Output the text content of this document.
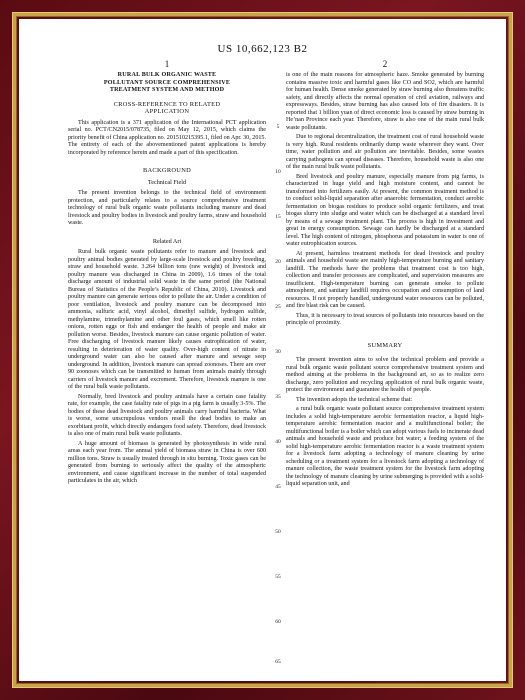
US 10,662,123 B2
5
10
15
20
25
30
35
40
45
50
55
60
65
1
RURAL BULK ORGANIC WASTE
POLLUTANT SOURCE COMPREHENSIVE
TREATMENT SYSTEM AND METHOD
CROSS-REFERENCE TO RELATED
APPLICATION

This application is a 371 application of the International PCT application serial no. PCT/CN2015/078735, filed on May 12, 2015, which claims the priority benefit of China application no. 201510215395.1, filed on Apr. 30, 2015. The entirety of each of the abovementioned patent applications is hereby incorporated by reference herein and made a part of this specification.

BACKGROUND
Technical Field

The present invention belongs to the technical field of environment protection, and particularly relates to a source comprehensive treatment technology of rural bulk organic waste pollutants including manure and dead livestock and poultry bodies in livestock and poultry farms, straw and household waste.

Related Art

Rural bulk organic waste pollutants refer to manure and livestock and poultry animal bodies generated by large-scale livestock and poultry breeding, straw and household waste. 3.264 billion tons (raw weight) of livestock and poultry manure was discharged in China in 2009), 1.6 times of the total discharge amount of industrial solid waste in the same period (the National Bureau of Statistics of the People’s Republic of China, 2010). Livestock and poultry manure can generate serious odor to pollute the air. Under a condition of poor ventilation, livestock and poultry manure can be decomposed into ammonia, sulfuric acid, vinyl alcohol, dimethyl sulfide, hydrogen sulfide, methylamine, trimethylamine and other foul gases, which smell like rotten onions, rotten eggs or fish and endanger the health of people and make air pollution worse. Besides, livestock manure can cause organic pollution of water. Free discharging of livestock manure likely causes eutrophication of water, resulting in deterioration of water quality. Over-high content of nitrate in underground water can also be caused after manure and sewage seep underground. In addition, livestock manure can spread zoonoses. There are over 90 zoonoses which can be transmitted to human from animals mainly through carriers of livestock manure and excrement. Therefore, livestock manure is one of the rural bulk waste pollutants.

Normally, bred livestock and poultry animals have a certain case fatality rate, for example, the case fatality rate of pigs in a pig farm is usually 3-5%. The bodies of these dead livestock and poultry animals carry harmful bacteria. What is worse, some unscrupulous vendors resell the dead bodies to make an exorbitant profit, which directly endangers food safety. Therefore, dead livestock is also one of main rural bulk waste pollutants.

A huge amount of biomass is generated by photosynthesis in wide rural areas each year from. The annual yield of biomass straw in China is over 600 million tons. Straw is usually treated through in situ burning. Toxic gases can be generated from burning to seriously affect the quality of the atmospheric environment, and cause significant increase in the number of total suspended particulates in the air, which

2

is one of the main reasons for atmospheric haze. Smoke generated by burning contains massive toxic and harmful gases like CO and SO2, which are harmful for human health. Dense smoke generated by straw burning also threatens traffic safety, and directly affects the normal operation of civil aviation, railways and expressways. Besides, straw burning has also caused lots of fire disasters. It is reported that 1 billion yuan of direct economic loss is caused by straw burning in He’nan Province each year. Therefore, straw is also one of the main rural bulk waste pollutants.

Due to regional decentralization, the treatment cost of rural household waste is very high. Rural residents ordinarily dump waste wherever they want. Over time, water pollution and air pollution are inevitable. Besides, some wastes carrying pathogens can spread diseases. Therefore, household waste is also one of the main rural bulk waste pollutants.

Bred livestock and poultry manure, especially manure from pig farms, is characterized in huge yield and high moisture content, and cannot be transformed into fertilizers easily. At present, the common treatment method is to conduct solid-liquid separation after anaerobic fermentation, conduct aerobic fermentation on biogas residues to produce solid organic fertilizers, and treat biogas slurry into sludge and water which can be discharged at a standard level by means of a sewage treatment plant. The process is high in investment and great in energy consumption. Sewage can hardly be discharged at a standard level. The high content of nitrogen, phosphorus and potassium in water is one of water eutrophication sources.

At present, harmless treatment methods for dead livestock and poultry animals and household waste are mainly high-temperature burning and sanitary landfill. The methods have the problems that treatment cost is too high, collection and transfer processes are complicated, and supervision measures are insufficient. High-temperature burning can generate smoke to pollute atmosphere, and sanitary landfill requires occupation and consumption of land resources. If not properly handled, underground water resources can be polluted, and fire blast risk can be caused.

Thus, it is necessary to treat sources of pollutants into resources based on the principle of proximity.

SUMMARY

The present invention aims to solve the technical problem and provide a rural bulk organic waste pollutant source comprehensive treatment system and method aiming at the problems in the background art, so as to realize zero discharge, zero pollution and recycling application of rural bulk organic waste, protect the environment and guarantee the health of people.

The invention adopts the technical scheme that:

a rural bulk organic waste pollutant source comprehensive treatment system includes a solid high-temperature aerobic fermentation reactor, a liquid high-temperature aerobic fermentation reactor and a multifunctional boiler; the multifunctional boiler is a boiler which can adopt various fuels to incinerate dead animals and household waste and produce hot water; a feeding system of the solid high-temperature aerobic fermentation reactor is a waste treatment system for a livestock farm adopting a technology of manure cleaning by urine scheduling or a treatment system for a livestock farm adopting a technology of manure collection, the waste treatment system for the livestock farm adopting the technology of manure cleaning by urine submerging is provided with a solid-liquid separation unit, and
